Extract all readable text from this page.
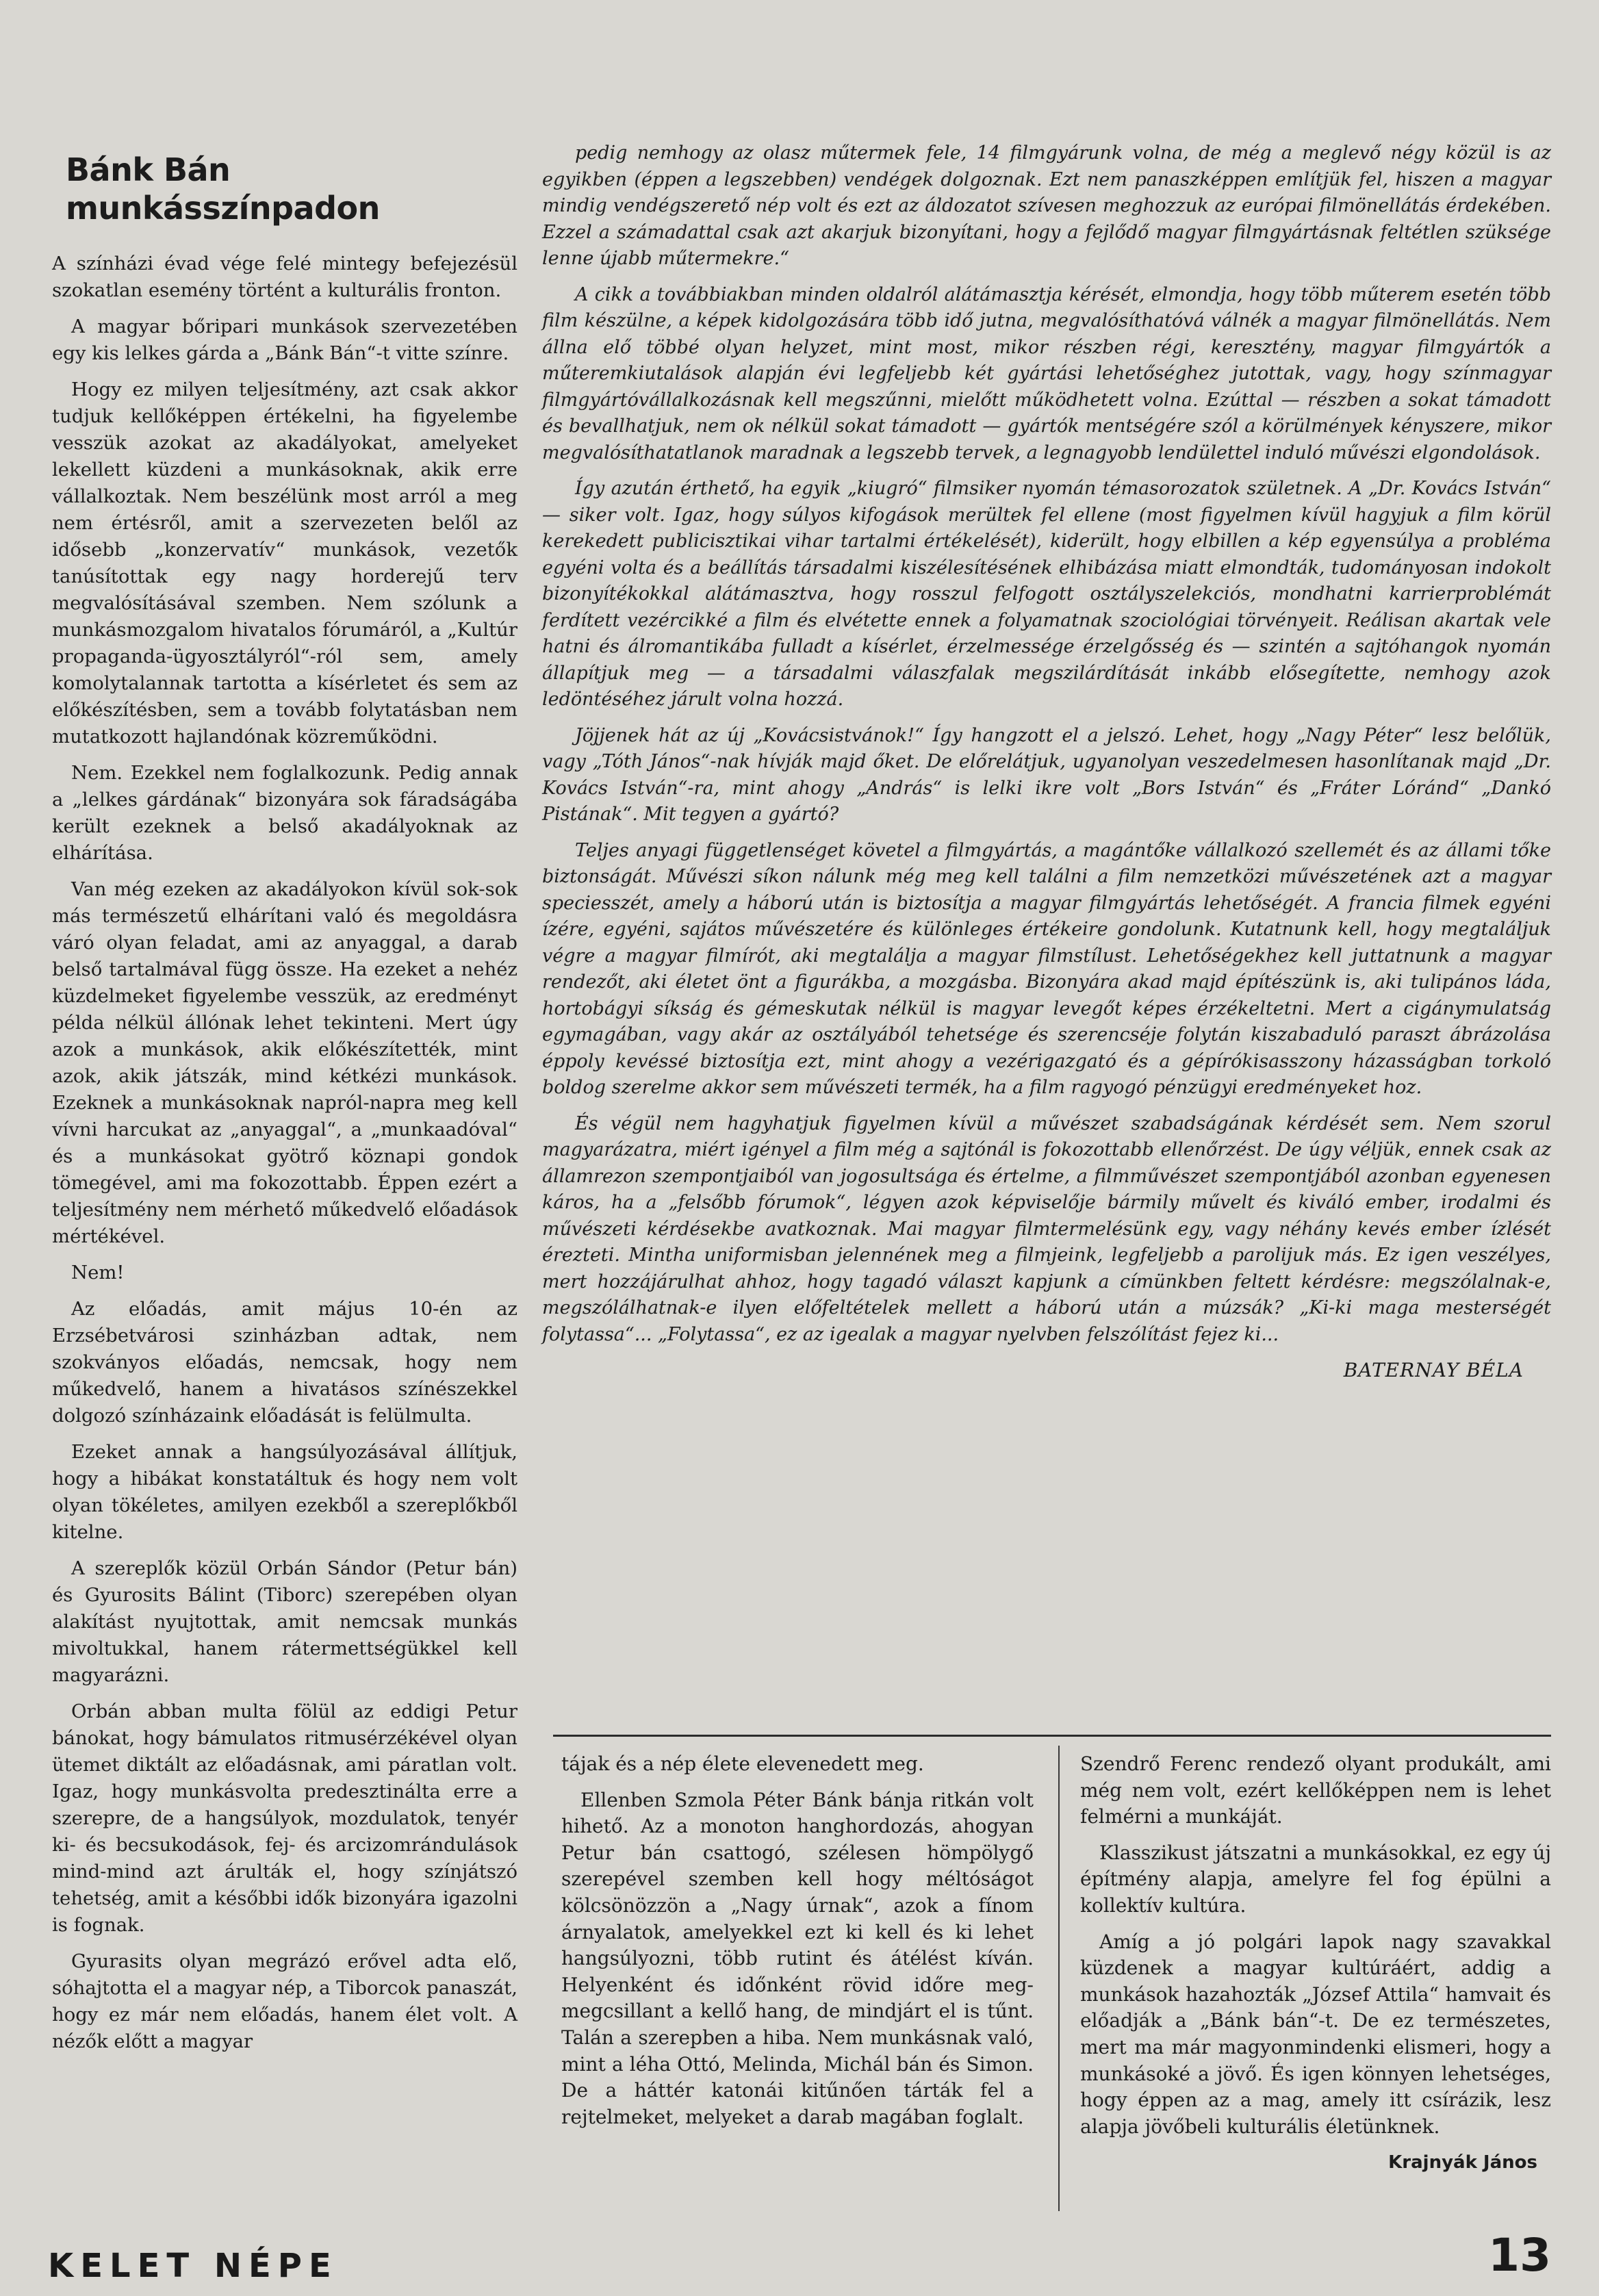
Bánk Bán munkásszínpadon

A színházi évad vége felé mintegy befejezésül szokatlan esemény történt a kulturális fronton.

A magyar bőripari munkások szervezetében egy kis lelkes gárda a „Bánk Bán“-t vitte színre.

Hogy ez milyen teljesítmény, azt csak akkor tudjuk kellőképpen értékelni, ha figyelembe vesszük azokat az akadályokat, amelyeket lekellett küzdeni a munkásoknak, akik erre vállalkoztak. Nem beszélünk most arról a meg nem értésről, amit a szervezeten belől az idősebb „konzervatív“ munkások, vezetők tanúsítottak egy nagy horderejű terv megvalósításával szemben. Nem szólunk a munkásmozgalom hivatalos fórumáról, a „Kultúr propaganda-ügyosztályról“-ról sem, amely komolytalannak tartotta a kísérletet és sem az előkészítésben, sem a tovább folytatásban nem mutatkozott hajlandónak közreműködni.

Nem. Ezekkel nem foglalkozunk. Pedig annak a „lelkes gárdának“ bizonyára sok fáradságába került ezeknek a belső akadályoknak az elhárítása.

Van még ezeken az akadályokon kívül sok-sok más természetű elhárítani való és megoldásra váró olyan feladat, ami az anyaggal, a darab belső tartalmával függ össze. Ha ezeket a nehéz küzdelmeket figyelembe vesszük, az eredményt példa nélkül állónak lehet tekinteni. Mert úgy azok a munkások, akik előkészítették, mint azok, akik játszák, mind kétkézi munkások. Ezeknek a munkásoknak napról-napra meg kell vívni harcukat az „anyaggal“, a „munkaadóval“ és a munkásokat gyötrő köznapi gondok tömegével, ami ma fokozottabb. Éppen ezért a teljesítmény nem mérhető műkedvelő előadások mértékével.

Nem!

Az előadás, amit május 10-én az Erzsébetvárosi szinházban adtak, nem szokványos előadás, nemcsak, hogy nem műkedvelő, hanem a hivatásos színészekkel dolgozó színházaink előadását is felülmulta.

Ezeket annak a hangsúlyozásával állítjuk, hogy a hibákat konstatáltuk és hogy nem volt olyan tökéletes, amilyen ezekből a szereplőkből kitelne.

A szereplők közül Orbán Sándor (Petur bán) és Gyurosits Bálint (Tiborc) szerepében olyan alakítást nyujtottak, amit nemcsak munkás mivoltukkal, hanem rátermettségükkel kell magyarázni.

Orbán abban multa fölül az eddigi Petur bánokat, hogy bámulatos ritmusérzékével olyan ütemet diktált az előadásnak, ami páratlan volt. Igaz, hogy munkásvolta predesztinálta erre a szerepre, de a hangsúlyok, mozdulatok, tenyér ki- és becsukodások, fej- és arcizomrándulások mind-mind azt árulták el, hogy színjátszó tehetség, amit a későbbi idők bizonyára igazolni is fognak.

Gyurasits olyan megrázó erővel adta elő, sóhajtotta el a magyar nép, a Tiborcok panaszát, hogy ez már nem előadás, hanem élet volt. A nézők előtt a magyar

pedig nemhogy az olasz műtermek fele, 14 filmgyárunk volna, de még a meglevő négy közül is az egyikben (éppen a legszebben) vendégek dolgoznak. Ezt nem panaszképpen említjük fel, hiszen a magyar mindig vendégszerető nép volt és ezt az áldozatot szívesen meghozzuk az európai filmönellátás érdekében. Ezzel a számadattal csak azt akarjuk bizonyítani, hogy a fejlődő magyar filmgyártásnak feltétlen szüksége lenne újabb műtermekre.“

A cikk a továbbiakban minden oldalról alátámasztja kérését, elmondja, hogy több műterem esetén több film készülne, a képek kidolgozására több idő jutna, megvalósíthatóvá válnék a magyar filmönellátás. Nem állna elő többé olyan helyzet, mint most, mikor részben régi, keresztény, magyar filmgyártók a műteremkiutalások alapján évi legfeljebb két gyártási lehetőséghez jutottak, vagy, hogy színmagyar filmgyártóvállalkozásnak kell megszűnni, mielőtt működhetett volna. Ezúttal — részben a sokat támadott és bevallhatjuk, nem ok nélkül sokat támadott — gyártók mentségére szól a körülmények kényszere, mikor megvalósíthatatlanok maradnak a legszebb tervek, a legnagyobb lendülettel induló művészi elgondolások.

Így azután érthető, ha egyik „kiugró“ filmsiker nyomán témasorozatok születnek. A „Dr. Kovács István“ — siker volt. Igaz, hogy súlyos kifogások merültek fel ellene (most figyelmen kívül hagyjuk a film körül kerekedett publicisztikai vihar tartalmi értékelését), kiderült, hogy elbillen a kép egyensúlya a probléma egyéni volta és a beállítás társadalmi kiszélesítésének elhibázása miatt elmondták, tudományosan indokolt bizonyítékokkal alátámasztva, hogy rosszul felfogott osztályszelekciós, mondhatni karrierproblémát ferdített vezércikké a film és elvétette ennek a folyamatnak szociológiai törvényeit. Reálisan akartak vele hatni és álromantikába fulladt a kísérlet, érzelmessége érzelgősség és — szintén a sajtóhangok nyomán állapítjuk meg — a társadalmi válaszfalak megszilárdítását inkább elősegítette, nemhogy azok ledöntéséhez járult volna hozzá.

Jöjjenek hát az új „Kovácsistvánok!“ Így hangzott el a jelszó. Lehet, hogy „Nagy Péter“ lesz belőlük, vagy „Tóth János“-nak hívják majd őket. De előrelátjuk, ugyanolyan veszedelmesen hasonlítanak majd „Dr. Kovács István“-ra, mint ahogy „András“ is lelki ikre volt „Bors István“ és „Fráter Lóránd“ „Dankó Pistának“. Mit tegyen a gyártó?

Teljes anyagi függetlenséget követel a filmgyártás, a magántőke vállalkozó szellemét és az állami tőke biztonságát. Művészi síkon nálunk még meg kell találni a film nemzetközi művészetének azt a magyar speciesszét, amely a háború után is biztosítja a magyar filmgyártás lehetőségét. A francia filmek egyéni ízére, egyéni, sajátos művészetére és különleges értékeire gondolunk. Kutatnunk kell, hogy megtaláljuk végre a magyar filmírót, aki megtalálja a magyar filmstílust. Lehetőségekhez kell juttatnunk a magyar rendezőt, aki életet önt a figurákba, a mozgásba. Bizonyára akad majd építészünk is, aki tulipános láda, hortobágyi síkság és gémeskutak nélkül is magyar levegőt képes érzékeltetni. Mert a cigánymulatság egymagában, vagy akár az osztályából tehetsége és szerencséje folytán kiszabaduló paraszt ábrázolása éppoly kevéssé biztosítja ezt, mint ahogy a vezérigazgató és a gépírókisasszony házasságban torkoló boldog szerelme akkor sem művészeti termék, ha a film ragyogó pénzügyi eredményeket hoz.

És végül nem hagyhatjuk figyelmen kívül a művészet szabadságának kérdését sem. Nem szorul magyarázatra, miért igényel a film még a sajtónál is fokozottabb ellenőrzést. De úgy véljük, ennek csak az államrezon szempontjaiból van jogosultsága és értelme, a filmművészet szempontjából azonban egyenesen káros, ha a „felsőbb fórumok“, légyen azok képviselője bármily művelt és kiváló ember, irodalmi és művészeti kérdésekbe avatkoznak. Mai magyar filmtermelésünk egy, vagy néhány kevés ember ízlését érezteti. Mintha uniformisban jelennének meg a filmjeink, legfeljebb a parolijuk más. Ez igen veszélyes, mert hozzájárulhat ahhoz, hogy tagadó választ kapjunk a címünkben feltett kérdésre: megszólalnak-e, megszólálhatnak-e ilyen előfeltételek mellett a háború után a múzsák? „Ki-ki maga mesterségét folytassa“... „Folytassa“, ez az igealak a magyar nyelvben felszólítást fejez ki...

BATERNAY BÉLA

tájak és a nép élete elevenedett meg.

Ellenben Szmola Péter Bánk bánja ritkán volt hihető. Az a monoton hanghordozás, ahogyan Petur bán csattogó, szélesen hömpölygő szerepével szemben kell hogy méltóságot kölcsönözzön a „Nagy úrnak“, azok a fínom árnyalatok, amelyekkel ezt ki kell és ki lehet hangsúlyozni, több rutint és átélést kíván. Helyenként és időnként rövid időre meg-megcsillant a kellő hang, de mindjárt el is tűnt. Talán a szerepben a hiba. Nem munkásnak való, mint a léha Ottó, Melinda, Michál bán és Simon. De a háttér katonái kitűnően tárták fel a rejtelmeket, melyeket a darab magában foglalt.

Szendrő Ferenc rendező olyant produkált, ami még nem volt, ezért kellőképpen nem is lehet felmérni a munkáját.

Klasszikust játszatni a munkásokkal, ez egy új építmény alapja, amelyre fel fog épülni a kollektív kultúra.

Amíg a jó polgári lapok nagy szavakkal küzdenek a magyar kultúráért, addig a munkások hazahozták „József Attila“ hamvait és előadják a „Bánk bán“-t. De ez természetes, mert ma már magyonmindenki elismeri, hogy a munkásoké a jövő. És igen könnyen lehetséges, hogy éppen az a mag, amely itt csírázik, lesz alapja jövőbeli kulturális életünknek.

Krajnyák János
KELET NÉPE	13
